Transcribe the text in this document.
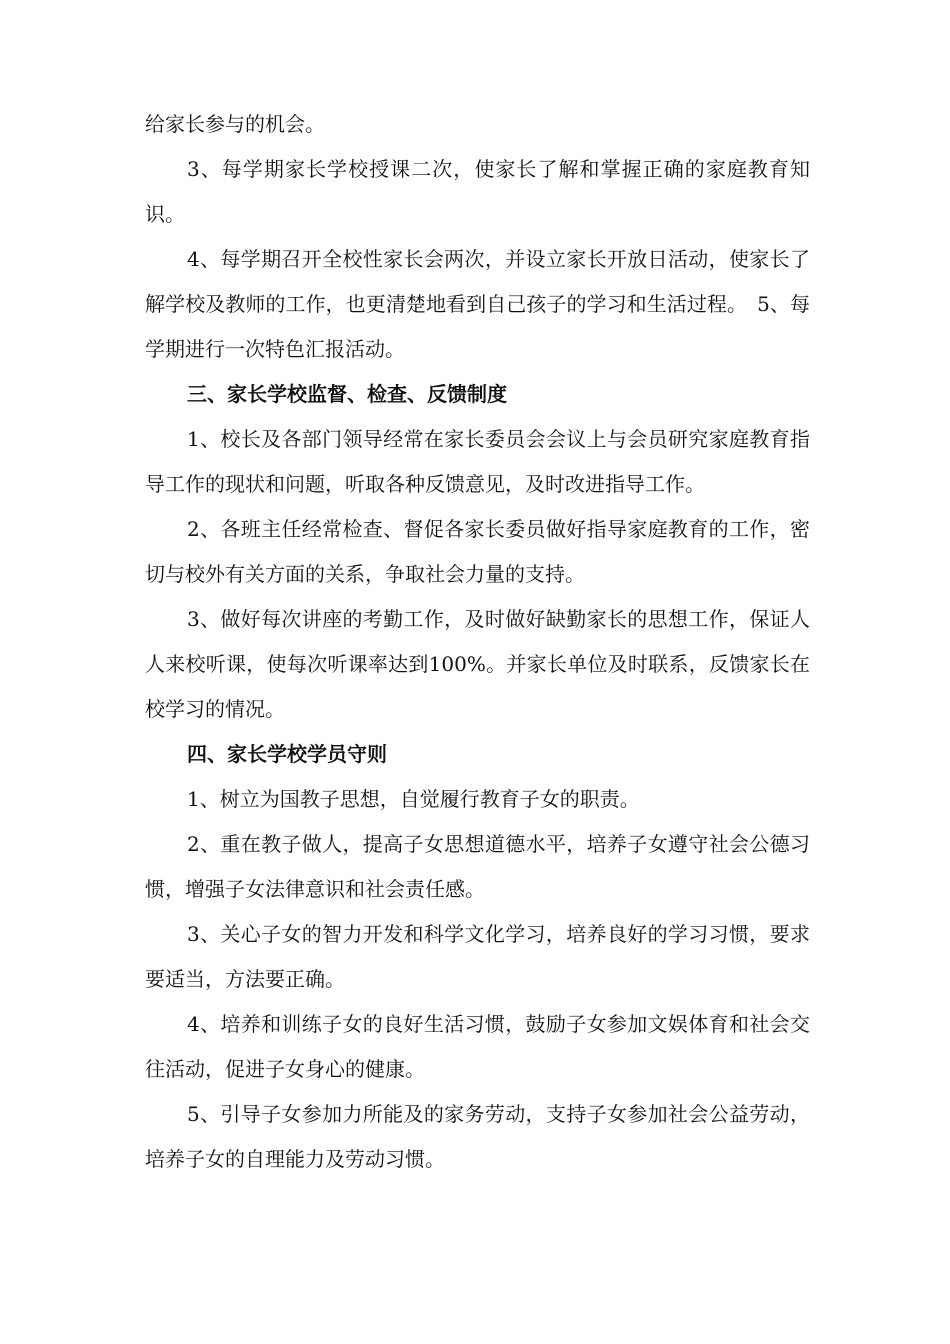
给家长参与的机会。

3、每学期家长学校授课二次，使家长了解和掌握正确的家庭教育知识。

4、每学期召开全校性家长会两次，并设立家长开放日活动，使家长了解学校及教师的工作，也更清楚地看到自己孩子的学习和生活过程。　5、每学期进行一次特色汇报活动。

三、家长学校监督、检查、反馈制度

1、校长及各部门领导经常在家长委员会会议上与会员研究家庭教育指导工作的现状和问题，听取各种反馈意见，及时改进指导工作。

2、各班主任经常检查、督促各家长委员做好指导家庭教育的工作，密切与校外有关方面的关系，争取社会力量的支持。

3、做好每次讲座的考勤工作，及时做好缺勤家长的思想工作，保证人人来校听课，使每次听课率达到100%。并家长单位及时联系，反馈家长在校学习的情况。

四、家长学校学员守则

1、树立为国教子思想，自觉履行教育子女的职责。

2、重在教子做人，提高子女思想道德水平，培养子女遵守社会公德习惯，增强子女法律意识和社会责任感。

3、关心子女的智力开发和科学文化学习，培养良好的学习习惯，要求要适当，方法要正确。

4、培养和训练子女的良好生活习惯，鼓励子女参加文娱体育和社会交往活动，促进子女身心的健康。

5、引导子女参加力所能及的家务劳动，支持子女参加社会公益劳动，培养子女的自理能力及劳动习惯。
